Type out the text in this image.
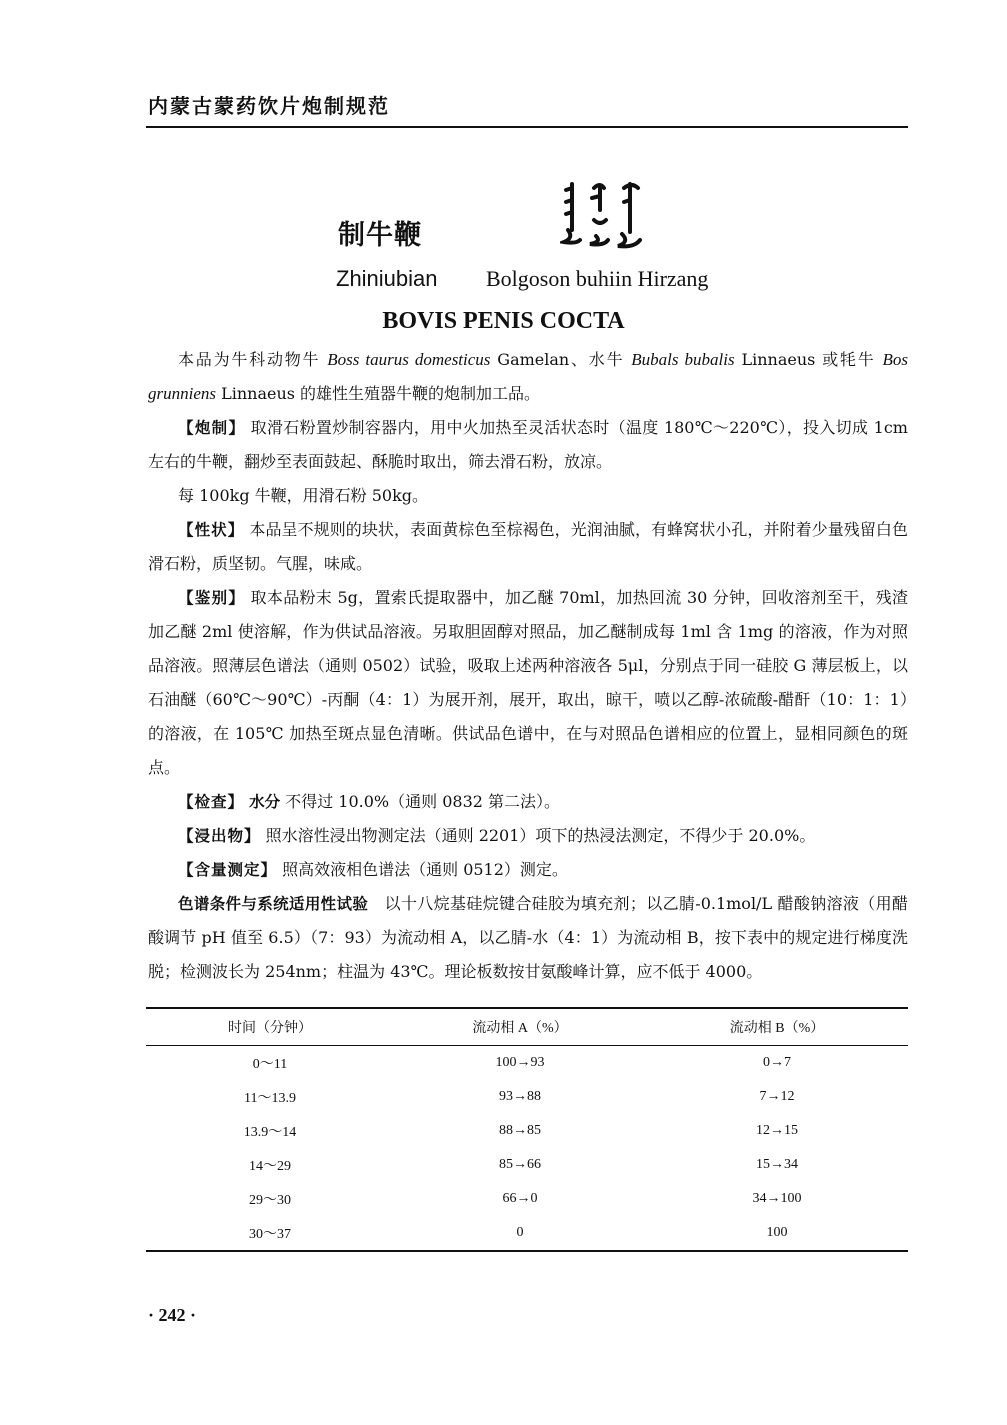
内蒙古蒙药饮片炮制规范
制牛鞭
Zhiniubian Bolgoson buhiin Hirzang
BOVIS PENIS COCTA

本品为牛科动物牛 Boss taurus domesticus Gamelan、水牛 Bubals bubalis Linnaeus 或牦牛 Bos grunniens Linnaeus 的雄性生殖器牛鞭的炮制加工品。

【炮制】 取滑石粉置炒制容器内，用中火加热至灵活状态时（温度 180℃～220℃），投入切成 1cm 左右的牛鞭，翻炒至表面鼓起、酥脆时取出，筛去滑石粉，放凉。

每 100kg 牛鞭，用滑石粉 50kg。

【性状】 本品呈不规则的块状，表面黄棕色至棕褐色，光润油腻，有蜂窝状小孔，并附着少量残留白色滑石粉，质坚韧。气腥，味咸。

【鉴别】 取本品粉末 5g，置索氏提取器中，加乙醚 70ml，加热回流 30 分钟，回收溶剂至干，残渣加乙醚 2ml 使溶解，作为供试品溶液。另取胆固醇对照品，加乙醚制成每 1ml 含 1mg 的溶液，作为对照品溶液。照薄层色谱法（通则 0502）试验，吸取上述两种溶液各 5μl，分别点于同一硅胶 G 薄层板上，以石油醚（60℃～90℃）-丙酮（4：1）为展开剂，展开，取出，晾干，喷以乙醇-浓硫酸-醋酐（10：1：1）的溶液，在 105℃ 加热至斑点显色清晰。供试品色谱中，在与对照品色谱相应的位置上，显相同颜色的斑点。

【检查】 水分 不得过 10.0%（通则 0832 第二法）。

【浸出物】 照水溶性浸出物测定法（通则 2201）项下的热浸法测定，不得少于 20.0%。

【含量测定】 照高效液相色谱法（通则 0512）测定。

色谱条件与系统适用性试验　 以十八烷基硅烷键合硅胶为填充剂；以乙腈-0.1mol/L 醋酸钠溶液（用醋酸调节 pH 值至 6.5）（7：93）为流动相 A，以乙腈-水（4：1）为流动相 B，按下表中的规定进行梯度洗脱；检测波长为 254nm；柱温为 43℃。理论板数按甘氨酸峰计算，应不低于 4000。

时间（分钟）	流动相 A（%）	流动相 B（%）
0～11	100→93	0→7
11～13.9	93→88	7→12
13.9～14	88→85	12→15
14～29	85→66	15→34
29～30	66→0	34→100
30～37	0	100
· 242 ·
